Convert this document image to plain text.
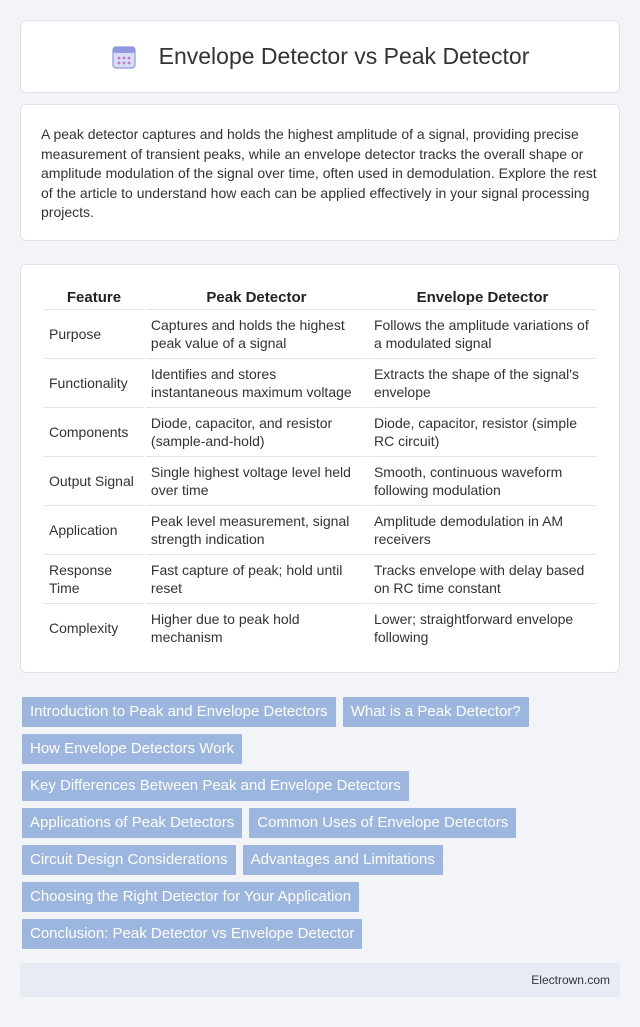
Envelope Detector vs Peak Detector

A peak detector captures and holds the highest amplitude of a signal, providing precise measurement of transient peaks, while an envelope detector tracks the overall shape or amplitude modulation of the signal over time, often used in demodulation. Explore the rest of the article to understand how each can be applied effectively in your signal processing projects.

Feature	Peak Detector	Envelope Detector
Purpose	Captures and holds the highest peak value of a signal	Follows the amplitude variations of a modulated signal
Functionality	Identifies and stores instantaneous maximum voltage	Extracts the shape of the signal's envelope
Components	Diode, capacitor, and resistor (sample-and-hold)	Diode, capacitor, resistor (simple RC circuit)
Output Signal	Single highest voltage level held over time	Smooth, continuous waveform following modulation
Application	Peak level measurement, signal strength indication	Amplitude demodulation in AM receivers
Response Time	Fast capture of peak; hold until reset	Tracks envelope with delay based on RC time constant
Complexity	Higher due to peak hold mechanism	Lower; straightforward envelope following
Introduction to Peak and Envelope Detectors	What is a Peak Detector?
How Envelope Detectors Work
Key Differences Between Peak and Envelope Detectors
Applications of Peak Detectors	Common Uses of Envelope Detectors
Circuit Design Considerations	Advantages and Limitations
Choosing the Right Detector for Your Application
Conclusion: Peak Detector vs Envelope Detector
Electrown.com
